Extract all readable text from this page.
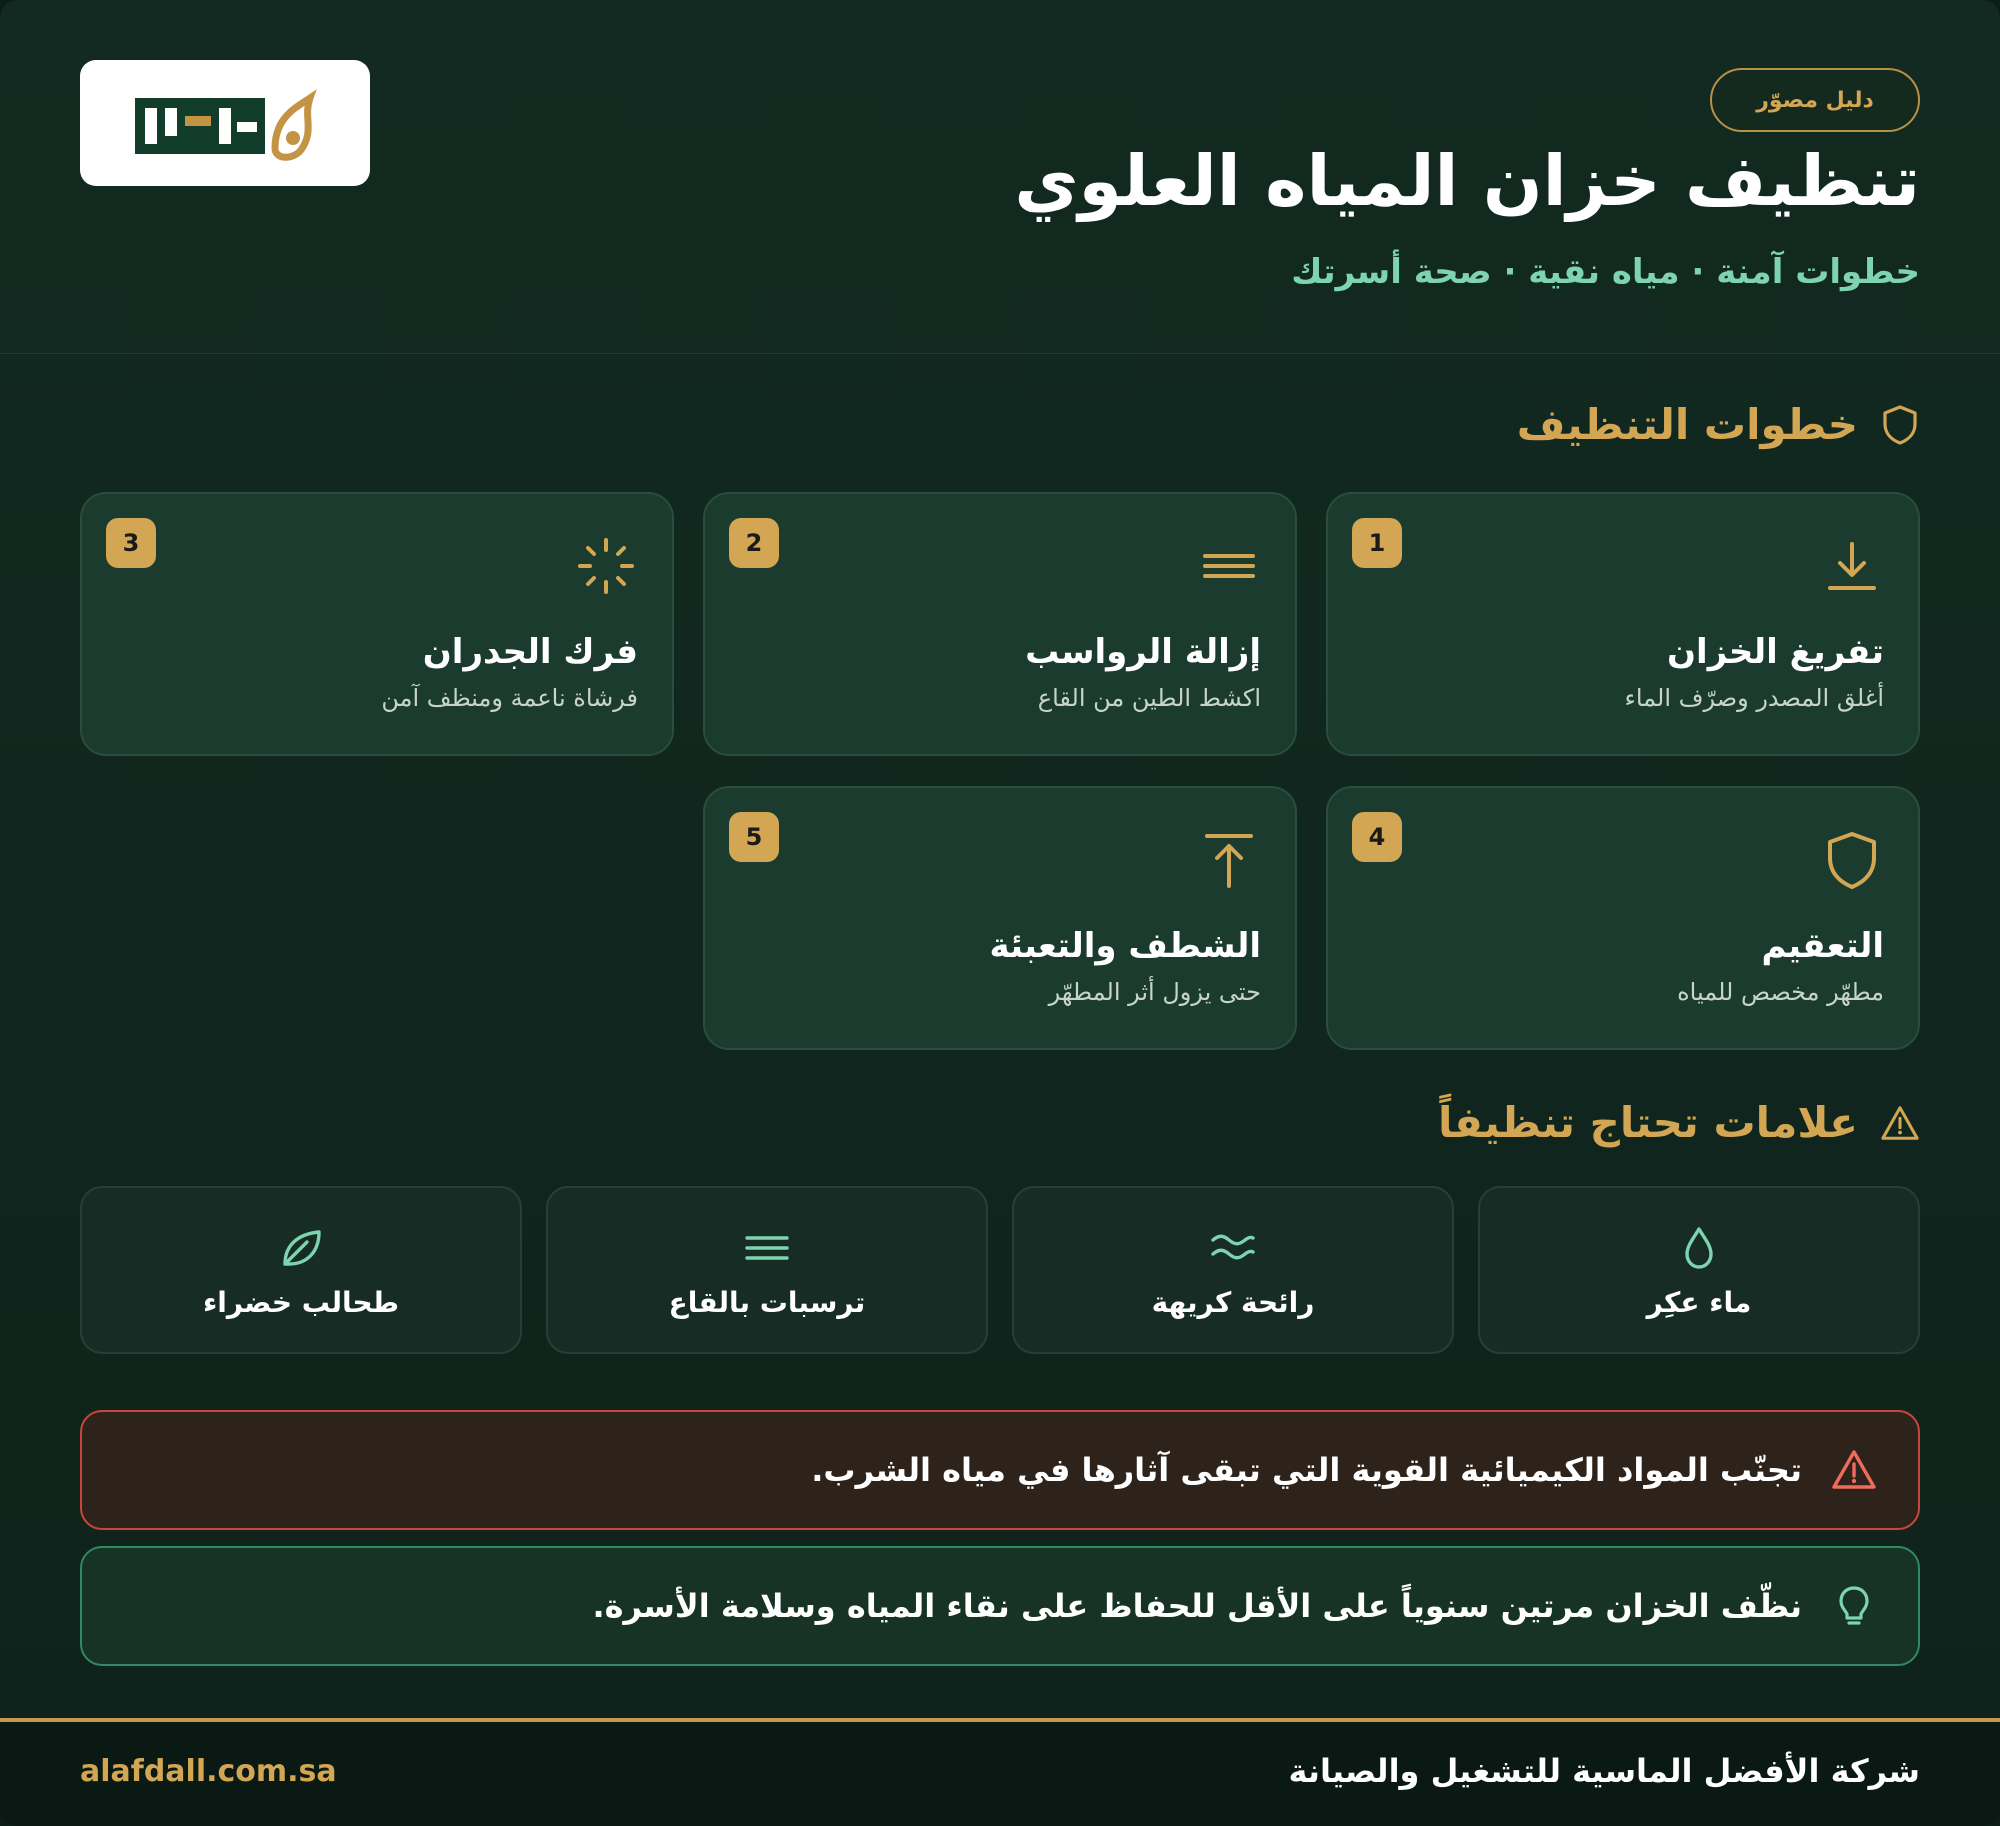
دليل مصوّر
تنظيف خزان المياه العلوي
خطوات آمنة · مياه نقية · صحة أسرتك
خطوات التنظيف
1
تفريغ الخزان
أغلق المصدر وصرّف الماء
2
إزالة الرواسب
اكشط الطين من القاع
3
فرك الجدران
فرشاة ناعمة ومنظف آمن
4
التعقيم
مطهّر مخصص للمياه
5
الشطف والتعبئة
حتى يزول أثر المطهّر
علامات تحتاج تنظيفاً
ماء عكِر
رائحة كريهة
ترسبات بالقاع
طحالب خضراء
تجنّب المواد الكيميائية القوية التي تبقى آثارها في مياه الشرب.
نظّف الخزان مرتين سنوياً على الأقل للحفاظ على نقاء المياه وسلامة الأسرة.
شركة الأفضل الماسية للتشغيل والصيانة
alafdall.com.sa
